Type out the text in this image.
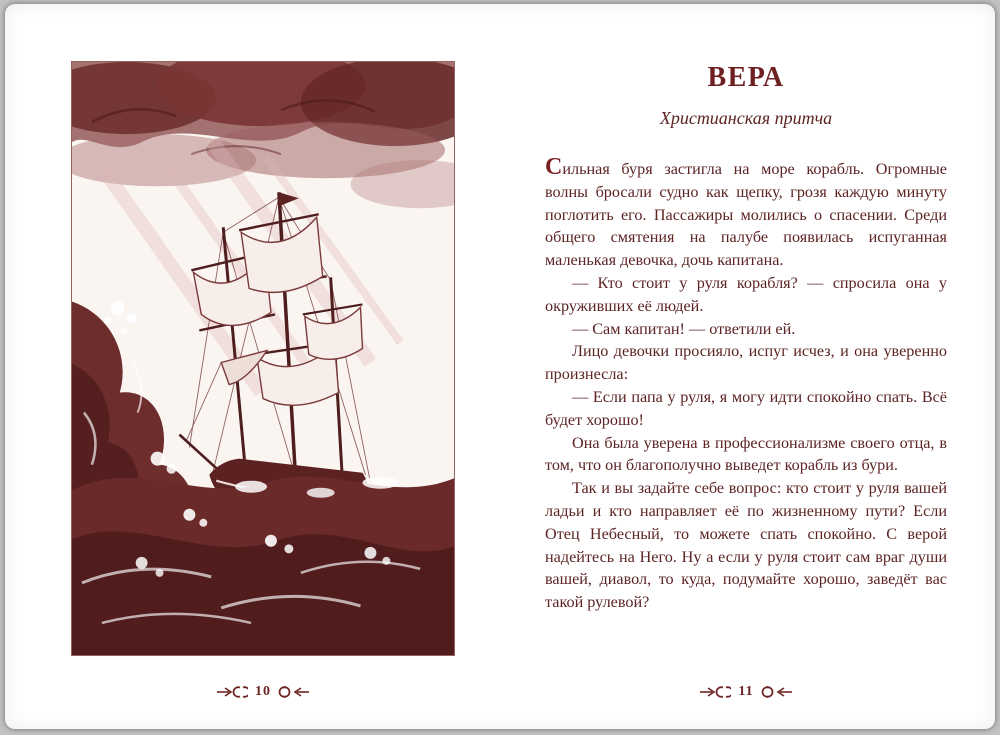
10
ВЕРА
Христианская притча

Сильная буря застигла на море корабль. Огромные волны бросали судно как щепку, грозя каждую минуту поглотить его. Пассажиры молились о спасении. Среди общего смятения на палубе появилась испуганная маленькая девочка, дочь капитана.

— Кто стоит у руля корабля? — спросила она у окруживших её людей.

— Сам капитан! — ответили ей.

Лицо девочки просияло, испуг исчез, и она уверенно произнесла:

— Если папа у руля, я могу идти спокойно спать. Всё будет хорошо!

Она была уверена в профессионализме своего отца, в том, что он благополучно выведет корабль из бури.

Так и вы задайте себе вопрос: кто стоит у руля вашей ладьи и кто направляет её по жизненному пути? Если Отец Небесный, то можете спать спокойно. С верой надейтесь на Него. Ну а если у руля стоит сам враг души вашей, диавол, то куда, подумайте хорошо, заведёт вас такой рулевой?

11
